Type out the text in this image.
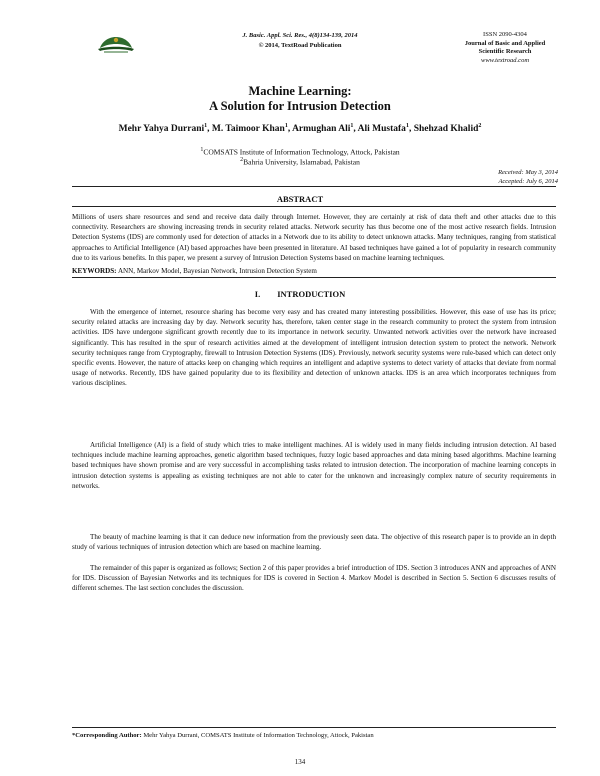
J. Basic. Appl. Sci. Res., 4(8)134-139, 2014
© 2014, TextRoad Publication
ISSN 2090-4304
Journal of Basic and Applied
Scientific Research
www.textroad.com
Machine Learning:
A Solution for Intrusion Detection
Mehr Yahya Durrani$^1$, M. Taimoor Khan$^1$, Armughan Ali$^1$, Ali Mustafa$^1$, Shehzad Khalid$^2$
$^1$COMSATS Institute of Information Technology, Attock, Pakistan
$^2$Bahria University, Islamabad, Pakistan
Received: May 3, 2014
Accepted: July 6, 2014
ABSTRACT
Millions of users share resources and send and receive data daily through Internet. However, they are certainly at risk of data theft and other attacks due to this connectivity. Researchers are showing increasing trends in security related attacks. Network security has thus become one of the most active research fields. Intrusion Detection Systems (IDS) are commonly used for detection of attacks in a Network due to its ability to detect unknown attacks. Many techniques, ranging from statistical approaches to Artificial Intelligence (AI) based approaches have been presented in literature. AI based techniques have gained a lot of popularity in research community due to its various benefits. In this paper, we present a survey of Intrusion Detection Systems based on machine learning techniques.
KEYWORDS: ANN, Markov Model, Bayesian Network, Intrusion Detection System
I.        INTRODUCTION
With the emergence of internet, resource sharing has become very easy and has created many interesting possibilities. However, this ease of use has its price; security related attacks are increasing day by day. Network security has, therefore, taken center stage in the research community to protect the system from intrusion activities. IDS have undergone significant growth recently due to its importance in network security. Unwanted network activities over the network have increased significantly. This has resulted in the spur of research activities aimed at the development of intelligent intrusion detection system to protect the network. Network security techniques range from Cryptography, firewall to Intrusion Detection Systems (IDS). Previously, network security systems were rule-based which can detect only specific events. However, the nature of attacks keep on changing which requires an intelligent and adaptive systems to detect variety of attacks that deviate from normal usage of networks. Recently, IDS have gained popularity due to its flexibility and detection of unknown attacks. IDS is an area which incorporates techniques from various disciplines.
Artificial Intelligence (AI) is a field of study which tries to make intelligent machines. AI is widely used in many fields including intrusion detection. AI based techniques include machine learning approaches, genetic algorithm based techniques, fuzzy logic based approaches and data mining based algorithms. Machine learning based techniques have shown promise and are very successful in accomplishing tasks related to intrusion detection. The incorporation of machine learning concepts in intrusion detection systems is appealing as existing techniques are not able to cater for the unknown and increasingly complex nature of security requirements in networks.
The beauty of machine learning is that it can deduce new information from the previously seen data. The objective of this research paper is to provide an in depth study of various techniques of intrusion detection which are based on machine learning.
The remainder of this paper is organized as follows; Section 2 of this paper provides a brief introduction of IDS. Section 3 introduces ANN and approaches of ANN for IDS. Discussion of Bayesian Networks and its techniques for IDS is covered in Section 4. Markov Model is described in Section 5. Section 6 discusses results of different schemes. The last section concludes the discussion.
*Corresponding Author: Mehr Yahya Durrani, COMSATS Institute of Information Technology, Attock, Pakistan
134
